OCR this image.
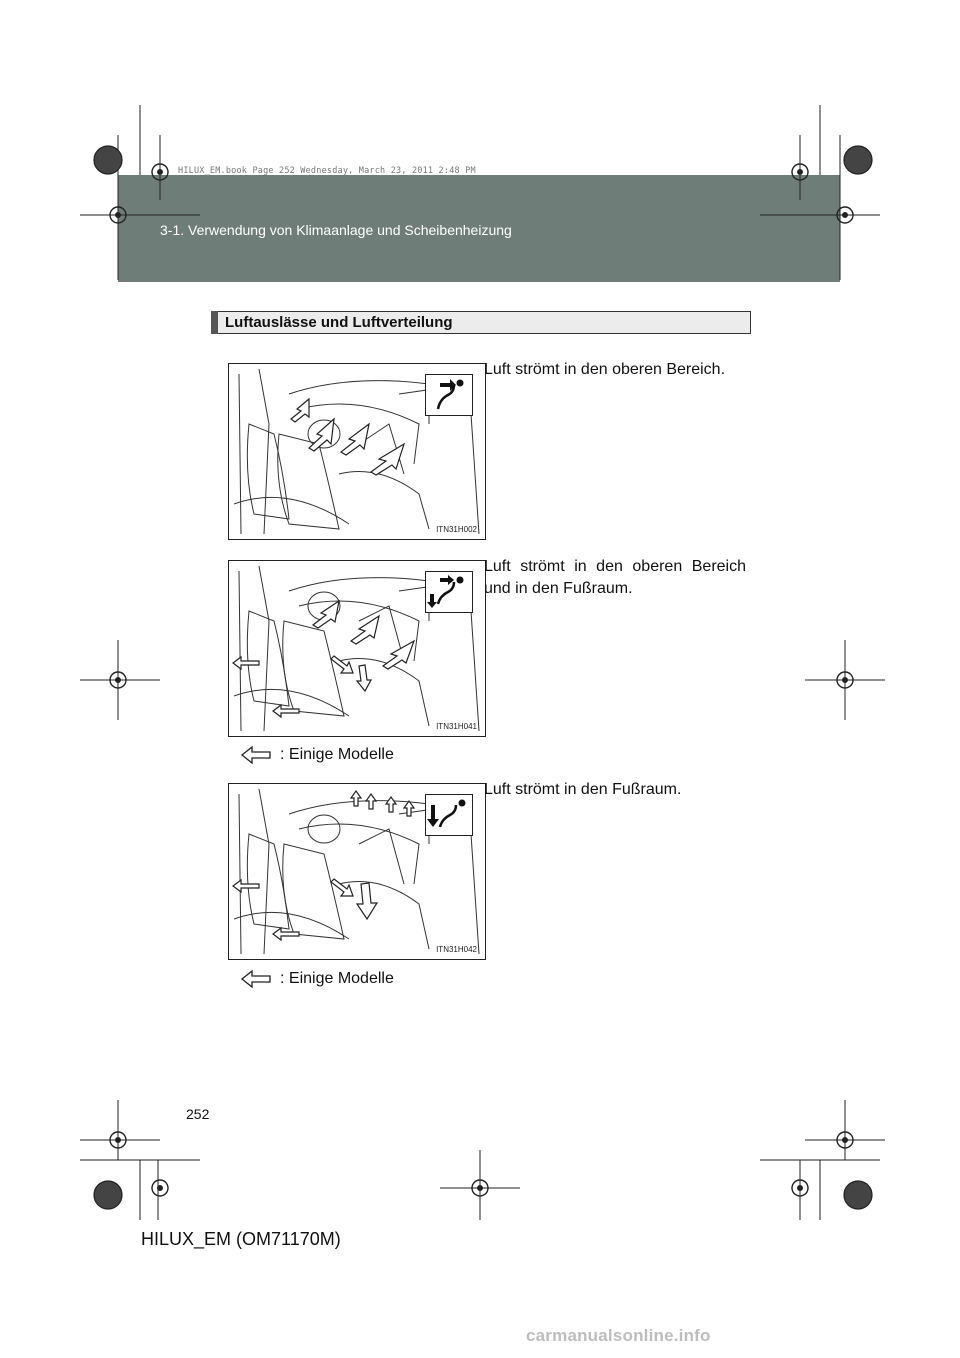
3-1. Verwendung von Klimaanlage und Scheibenheizung
HILUX_EM.book Page 252 Wednesday, March 23, 2011 2:48 PM
Luftauslässe und Luftverteilung
ITN31H002
Luft strömt in den oberen Bereich.
ITN31H041
Luft strömt in den oberen Bereich und in den Fußraum.
: Einige Modelle
ITN31H042
Luft strömt in den Fußraum.
: Einige Modelle
252
HILUX_EM (OM71170M)
carmanualsonline.info
